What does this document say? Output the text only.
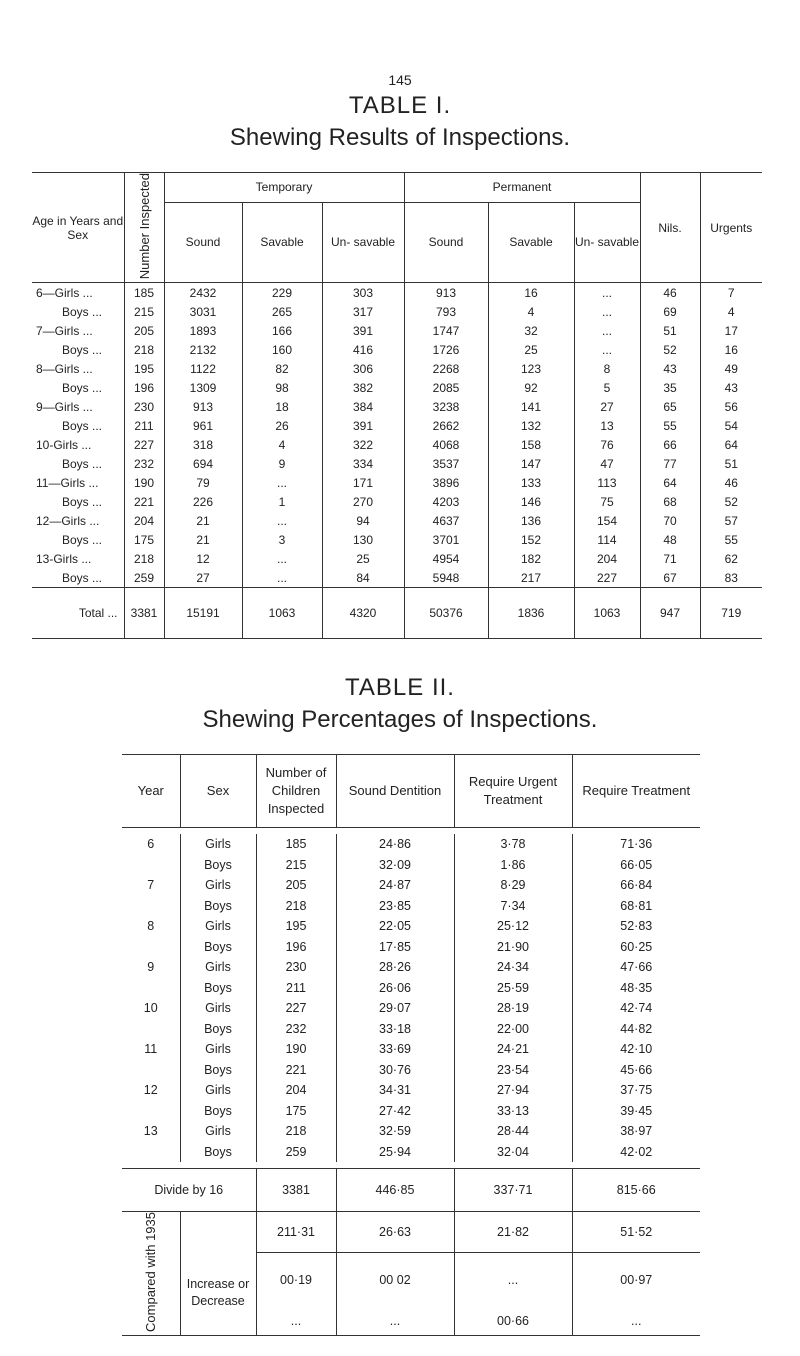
145
TABLE I.
Shewing Results of Inspections.
Age in Years and Sex	Number Inspected	Temporary			Permanent			Nils.	Urgents
		Sound	Savable	Un- savable	Sound	Savable	Un- savable		
6—Girls ...	185	2432	229	303	913	16	...	46	7
Boys ...	215	3031	265	317	793	4	...	69	4
7—Girls ...	205	1893	166	391	1747	32	...	51	17
Boys ...	218	2132	160	416	1726	25	...	52	16
8—Girls ...	195	1122	82	306	2268	123	8	43	49
Boys ...	196	1309	98	382	2085	92	5	35	43
9—Girls ...	230	913	18	384	3238	141	27	65	56
Boys ...	211	961	26	391	2662	132	13	55	54
10-Girls ...	227	318	4	322	4068	158	76	66	64
Boys ...	232	694	9	334	3537	147	47	77	51
11—Girls ...	190	79	...	171	3896	133	113	64	46
Boys ...	221	226	1	270	4203	146	75	68	52
12—Girls ...	204	21	...	94	4637	136	154	70	57
Boys ...	175	21	3	130	3701	152	114	48	55
13-Girls ...	218	12	...	25	4954	182	204	71	62
Boys ...	259	27	...	84	5948	217	227	67	83
Total ...	3381	15191	1063	4320	50376	1836	1063	947	719

TABLE II.
Shewing Percentages of Inspections.
Year	Sex	Number of Children Inspected	Sound Dentition	Require Urgent Treatment	Require Treatment

6	Girls	185	24·86	3·78	71·36
	Boys	215	32·09	1·86	66·05
7	Girls	205	24·87	8·29	66·84
	Boys	218	23·85	7·34	68·81
8	Girls	195	22·05	25·12	52·83
	Boys	196	17·85	21·90	60·25
9	Girls	230	28·26	24·34	47·66
	Boys	211	26·06	25·59	48·35
10	Girls	227	29·07	28·19	42·74
	Boys	232	33·18	22·00	44·82
11	Girls	190	33·69	24·21	42·10
	Boys	221	30·76	23·54	45·66
12	Girls	204	34·31	27·94	37·75
	Boys	175	27·42	33·13	39·45
13	Girls	218	32·59	28·44	38·97
	Boys	259	25·94	32·04	42·02

Divide by 16		3381	446·85	337·71	815·66
Compared with 1935		211·31	26·63	21·82	51·52
	Increase or Decrease	00·19	00 02	...	00·97
		...	...	00·66	...
